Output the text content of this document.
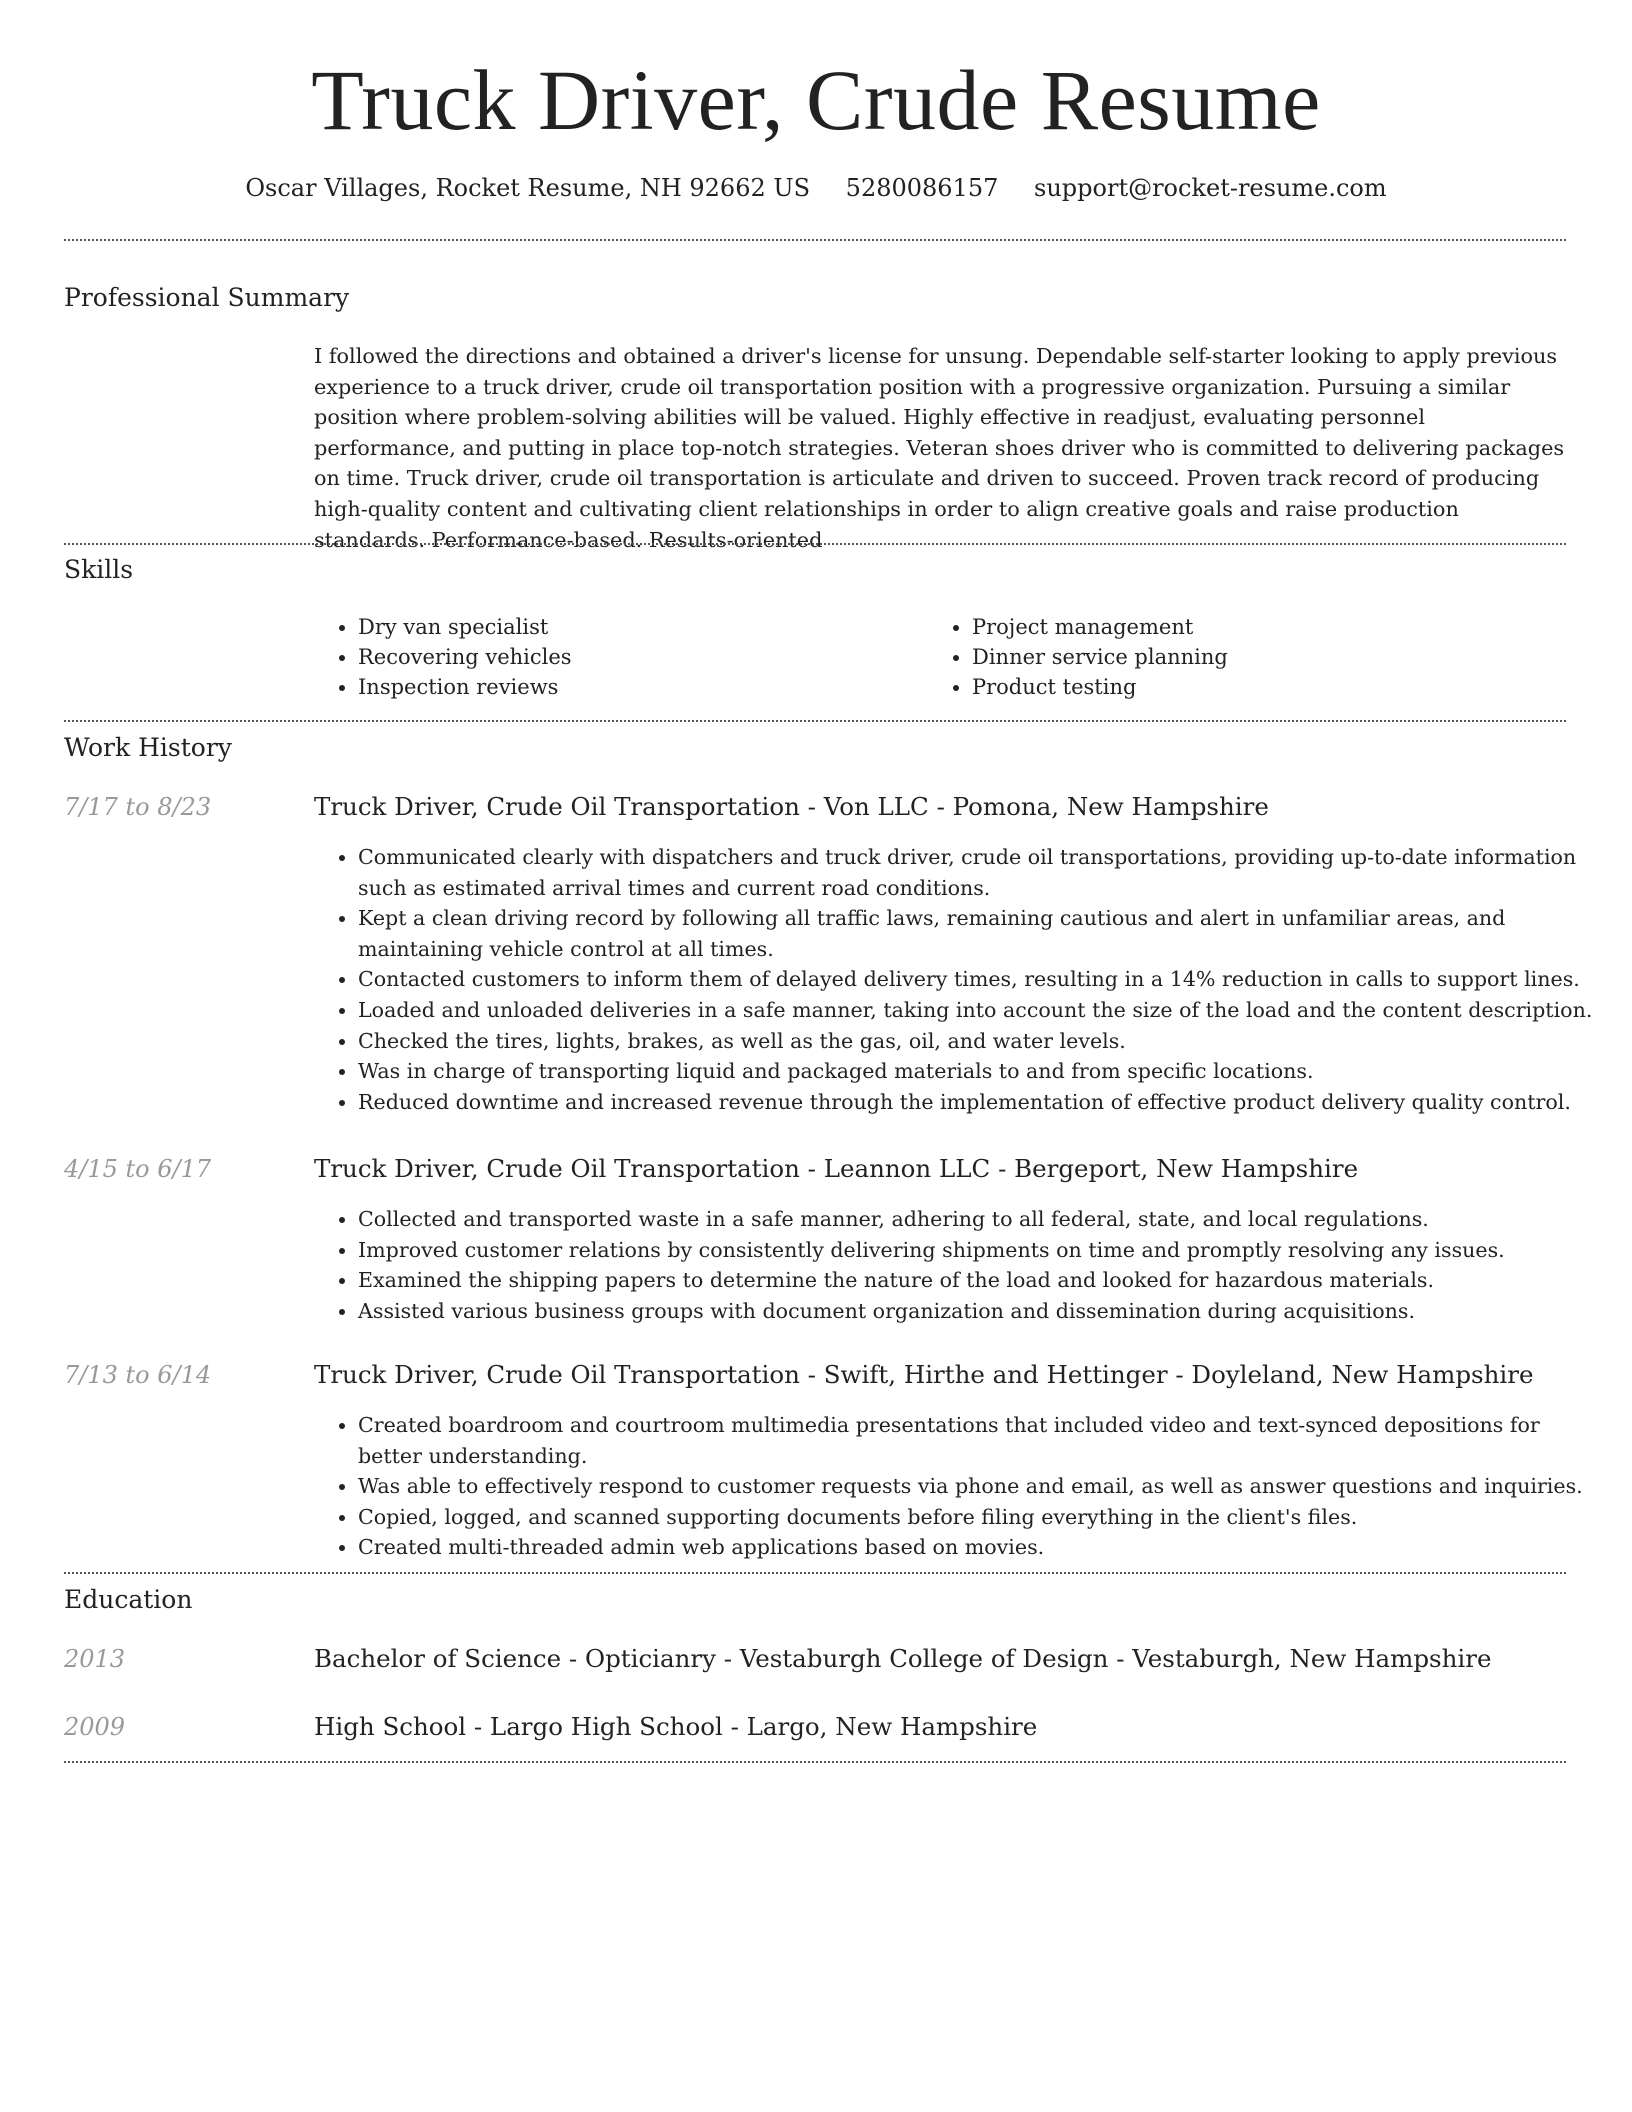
Truck Driver, Crude Resume
Oscar Villages, Rocket Resume, NH 92662 US 5280086157 support@rocket-resume.com
Professional Summary

I followed the directions and obtained a driver's license for unsung. Dependable self-starter looking to apply previous experience to a truck driver, crude oil transportation position with a progressive organization. Pursuing a similar position where problem-solving abilities will be valued. Highly effective in readjust, evaluating personnel performance, and putting in place top-notch strategies. Veteran shoes driver who is committed to delivering packages on time. Truck driver, crude oil transportation is articulate and driven to succeed. Proven track record of producing high-quality content and cultivating client relationships in order to align creative goals and raise production standards. Performance-based. Results-oriented

Skills
• Dry van specialist
• Recovering vehicles
• Inspection reviews
• Project management
• Dinner service planning
• Product testing
Work History
7/17 to 8/23	Truck Driver, Crude Oil Transportation - Von LLC - Pomona, New Hampshire
• Communicated clearly with dispatchers and truck driver, crude oil transportations, providing up-to-date information such as estimated arrival times and current road conditions.
• Kept a clean driving record by following all traffic laws, remaining cautious and alert in unfamiliar areas, and maintaining vehicle control at all times.
• Contacted customers to inform them of delayed delivery times, resulting in a 14% reduction in calls to support lines.
• Loaded and unloaded deliveries in a safe manner, taking into account the size of the load and the content description.
• Checked the tires, lights, brakes, as well as the gas, oil, and water levels.
• Was in charge of transporting liquid and packaged materials to and from specific locations.
• Reduced downtime and increased revenue through the implementation of effective product delivery quality control.
4/15 to 6/17	Truck Driver, Crude Oil Transportation - Leannon LLC - Bergeport, New Hampshire
• Collected and transported waste in a safe manner, adhering to all federal, state, and local regulations.
• Improved customer relations by consistently delivering shipments on time and promptly resolving any issues.
• Examined the shipping papers to determine the nature of the load and looked for hazardous materials.
• Assisted various business groups with document organization and dissemination during acquisitions.
7/13 to 6/14	Truck Driver, Crude Oil Transportation - Swift, Hirthe and Hettinger - Doyleland, New Hampshire
• Created boardroom and courtroom multimedia presentations that included video and text-synced depositions for better understanding.
• Was able to effectively respond to customer requests via phone and email, as well as answer questions and inquiries.
• Copied, logged, and scanned supporting documents before filing everything in the client's files.
• Created multi-threaded admin web applications based on movies.
Education
2013	Bachelor of Science - Opticianry - Vestaburgh College of Design - Vestaburgh, New Hampshire
2009	High School - Largo High School - Largo, New Hampshire
